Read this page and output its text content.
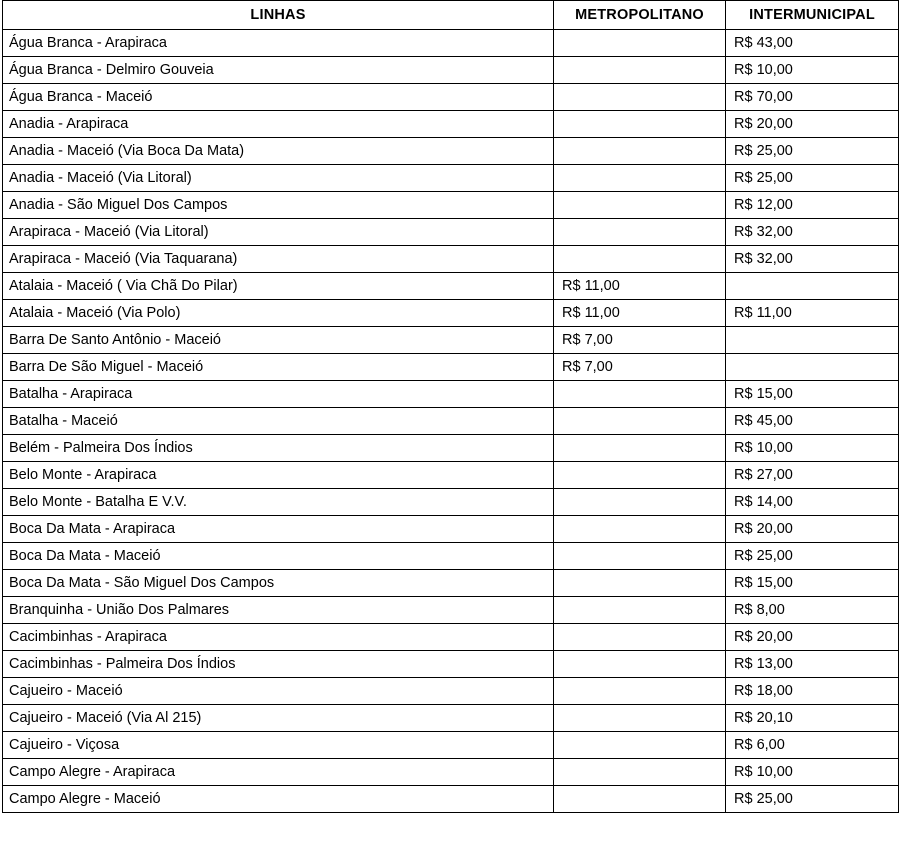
LINHAS	METROPOLITANO	INTERMUNICIPAL
Água Branca - Arapiraca		R$ 43,00
Água Branca - Delmiro Gouveia		R$ 10,00
Água Branca - Maceió		R$ 70,00
Anadia - Arapiraca		R$ 20,00
Anadia - Maceió (Via Boca Da Mata)		R$ 25,00
Anadia - Maceió (Via Litoral)		R$ 25,00
Anadia - São Miguel Dos Campos		R$ 12,00
Arapiraca - Maceió (Via Litoral)		R$ 32,00
Arapiraca - Maceió (Via Taquarana)		R$ 32,00
Atalaia - Maceió ( Via Chã Do Pilar)	R$ 11,00	
Atalaia - Maceió (Via Polo)	R$ 11,00	R$ 11,00
Barra De Santo Antônio - Maceió	R$ 7,00	
Barra De São Miguel - Maceió	R$ 7,00	
Batalha - Arapiraca		R$ 15,00
Batalha - Maceió		R$ 45,00
Belém - Palmeira Dos Índios		R$ 10,00
Belo Monte - Arapiraca		R$ 27,00
Belo Monte - Batalha E V.V.		R$ 14,00
Boca Da Mata - Arapiraca		R$ 20,00
Boca Da Mata - Maceió		R$ 25,00
Boca Da Mata - São Miguel Dos Campos		R$ 15,00
Branquinha - União Dos Palmares		R$ 8,00
Cacimbinhas - Arapiraca		R$ 20,00
Cacimbinhas - Palmeira Dos Índios		R$ 13,00
Cajueiro - Maceió		R$ 18,00
Cajueiro - Maceió (Via Al 215)		R$ 20,10
Cajueiro - Viçosa		R$ 6,00
Campo Alegre - Arapiraca		R$ 10,00
Campo Alegre - Maceió		R$ 25,00
